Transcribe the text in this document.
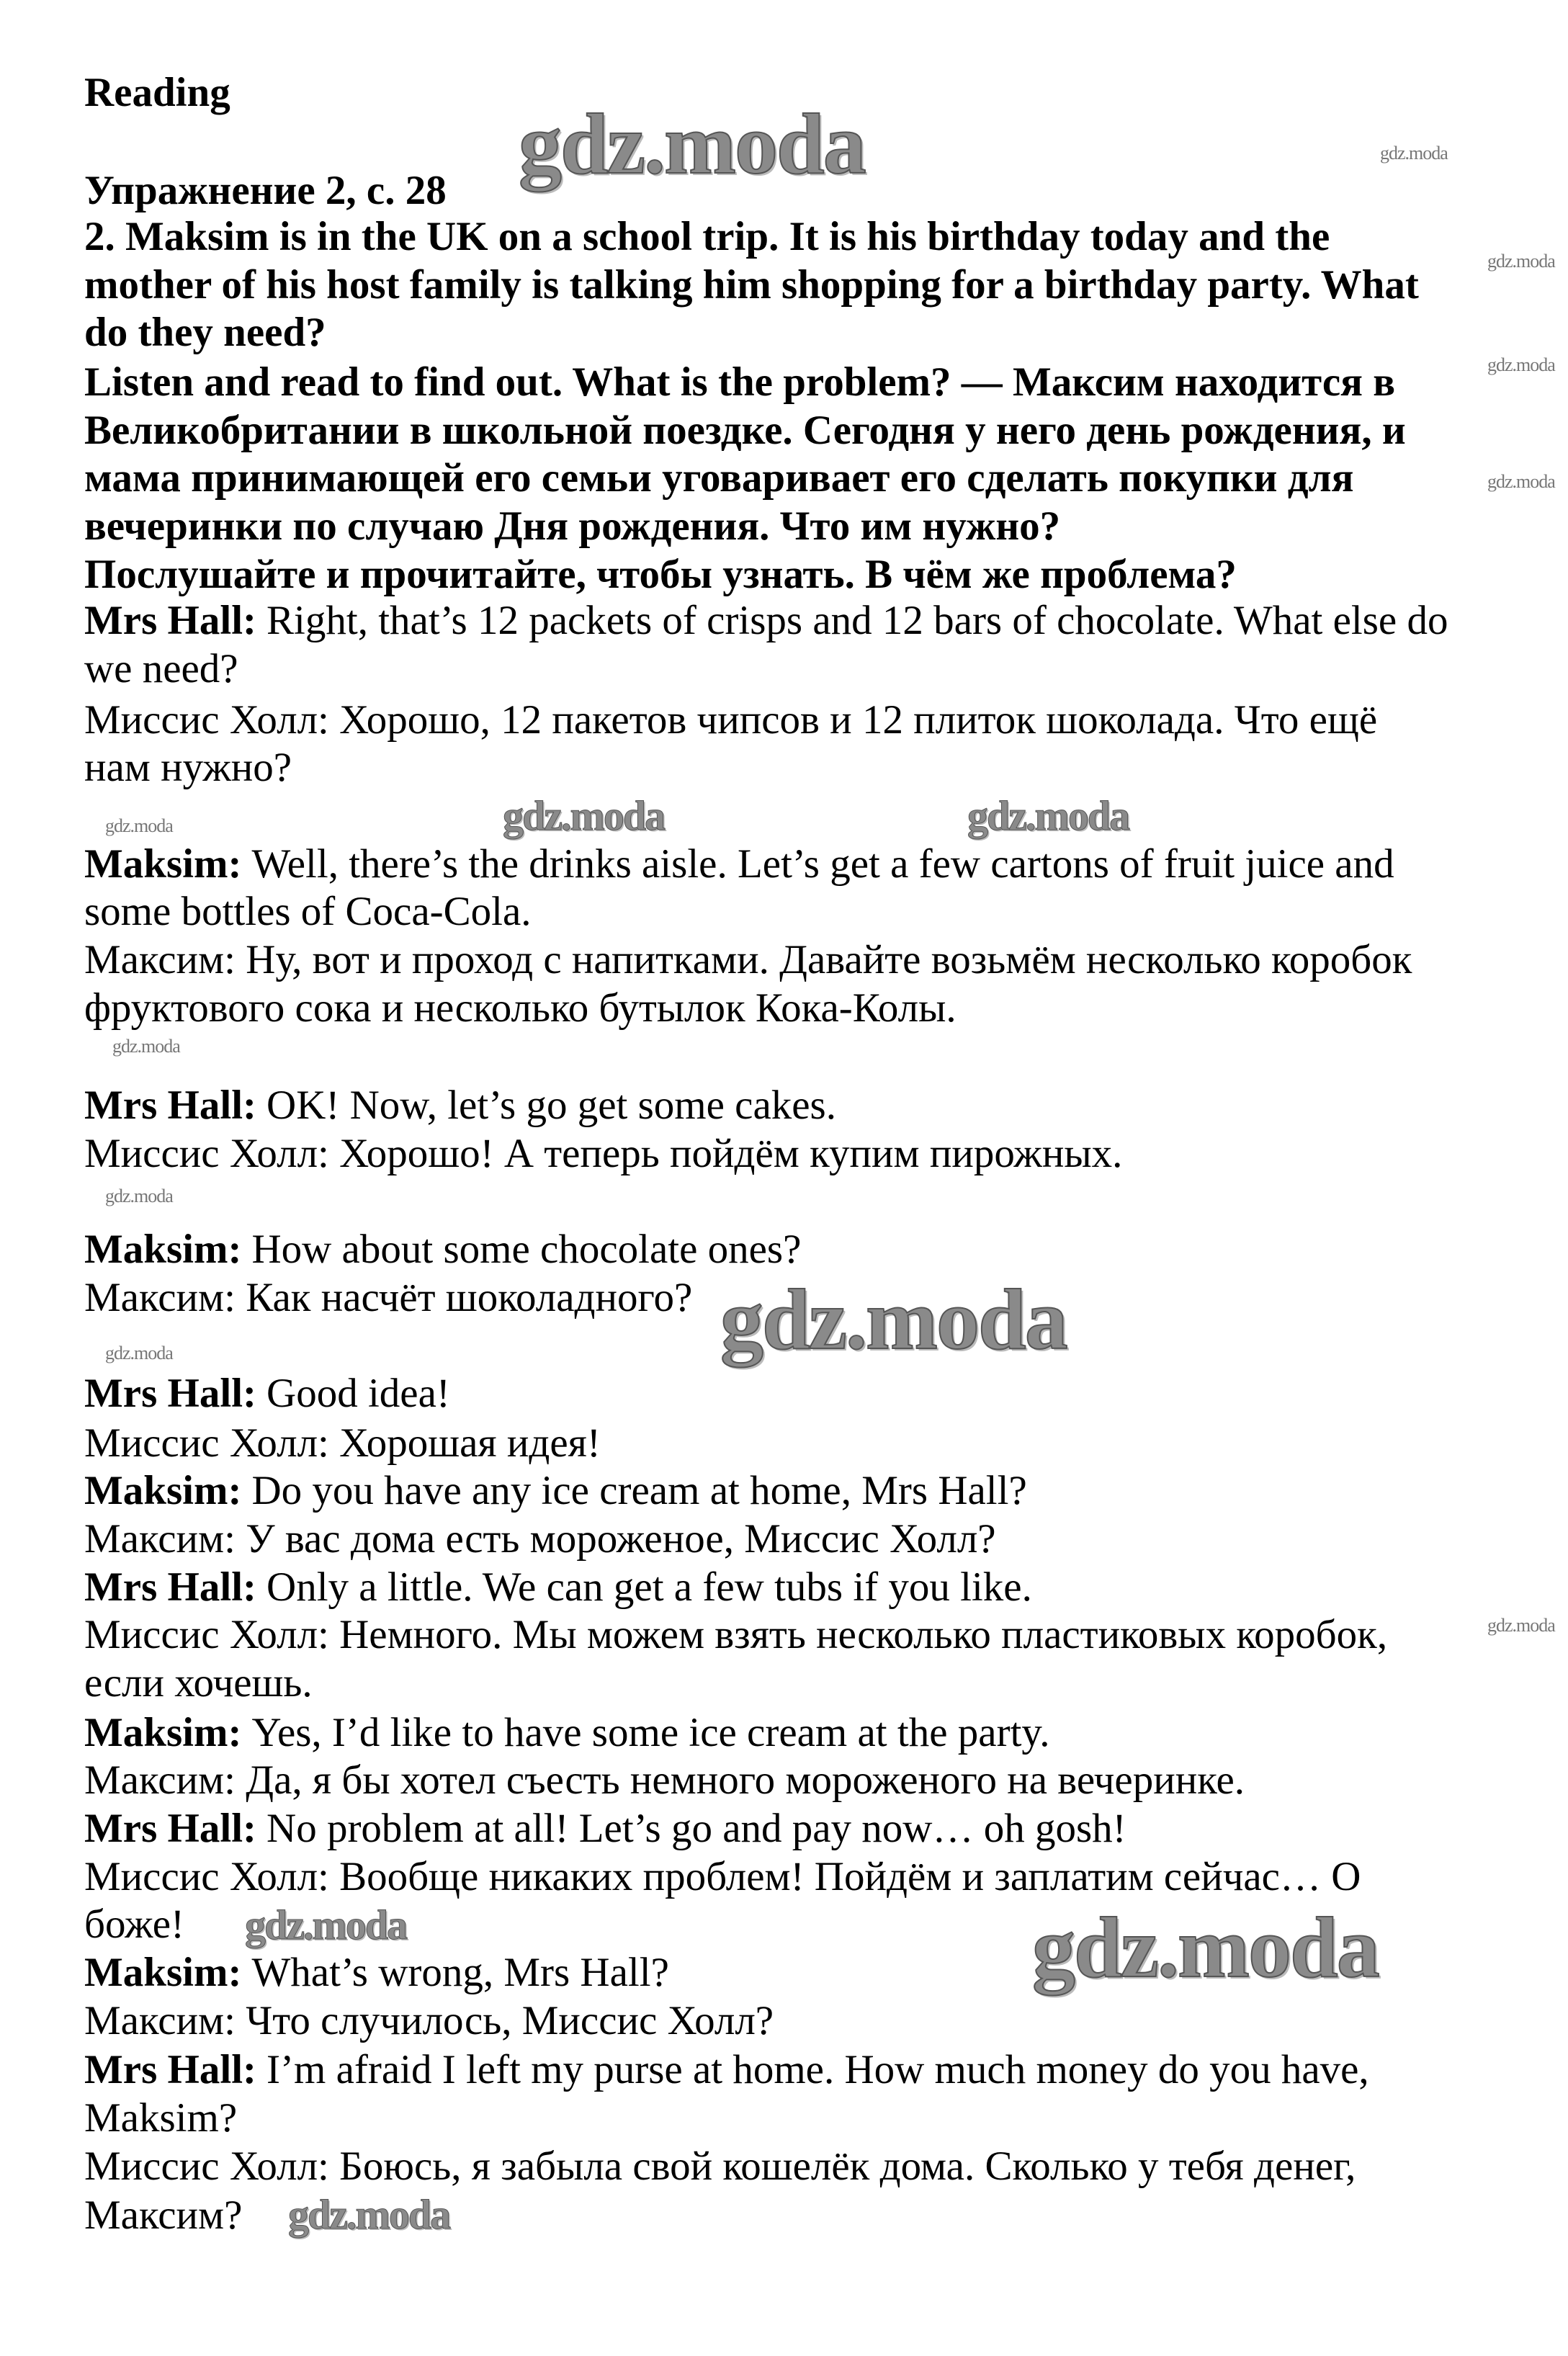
gdz.moda
gdz.moda
gdz.moda
gdz.moda	gdz.moda
gdz.moda
gdz.moda
gdz.moda
gdz.moda
gdz.moda
gdz.moda
gdz.moda
gdz.moda
gdz.moda
gdz.moda
gdz.moda
Reading
Упражнение 2, с. 28
2. Maksim is in the UK on a school trip. It is his birthday today and the
mother of his host family is talking him shopping for a birthday party. What
do they need?
Listen and read to find out. What is the problem? — Максим находится в
Великобритании в школьной поездке. Сегодня у него день рождения, и
мама принимающей его семьи уговаривает его сделать покупки для
вечеринки по случаю Дня рождения. Что им нужно?
Послушайте и прочитайте, чтобы узнать. В чём же проблема?
Mrs Hall: Right, that’s 12 packets of crisps and 12 bars of chocolate. What else do
we need?
Миссис Холл: Хорошо, 12 пакетов чипсов и 12 плиток шоколада. Что ещё
нам нужно?
Maksim: Well, there’s the drinks aisle. Let’s get a few cartons of fruit juice and
some bottles of Coca-Cola.
Максим: Ну, вот и проход с напитками. Давайте возьмём несколько коробок
фруктового сока и несколько бутылок Кока-Колы.
Mrs Hall: OK! Now, let’s go get some cakes.
Миссис Холл: Хорошо! А теперь пойдём купим пирожных.
Maksim: How about some chocolate ones?
Максим: Как насчёт шоколадного?
Mrs Hall: Good idea!
Миссис Холл: Хорошая идея!
Maksim: Do you have any ice cream at home, Mrs Hall?
Максим: У вас дома есть мороженое, Миссис Холл?
Mrs Hall: Only a little. We can get a few tubs if you like.
Миссис Холл: Немного. Мы можем взять несколько пластиковых коробок,
если хочешь.
Maksim: Yes, I’d like to have some ice cream at the party.
Максим: Да, я бы хотел съесть немного мороженого на вечеринке.
Mrs Hall: No problem at all! Let’s go and pay now… oh gosh!
Миссис Холл: Вообще никаких проблем! Пойдём и заплатим сейчас… О
боже!
Maksim: What’s wrong, Mrs Hall?
Максим: Что случилось, Миссис Холл?
Mrs Hall: I’m afraid I left my purse at home. How much money do you have,
Maksim?
Миссис Холл: Боюсь, я забыла свой кошелёк дома. Сколько у тебя денег,
Максим?
